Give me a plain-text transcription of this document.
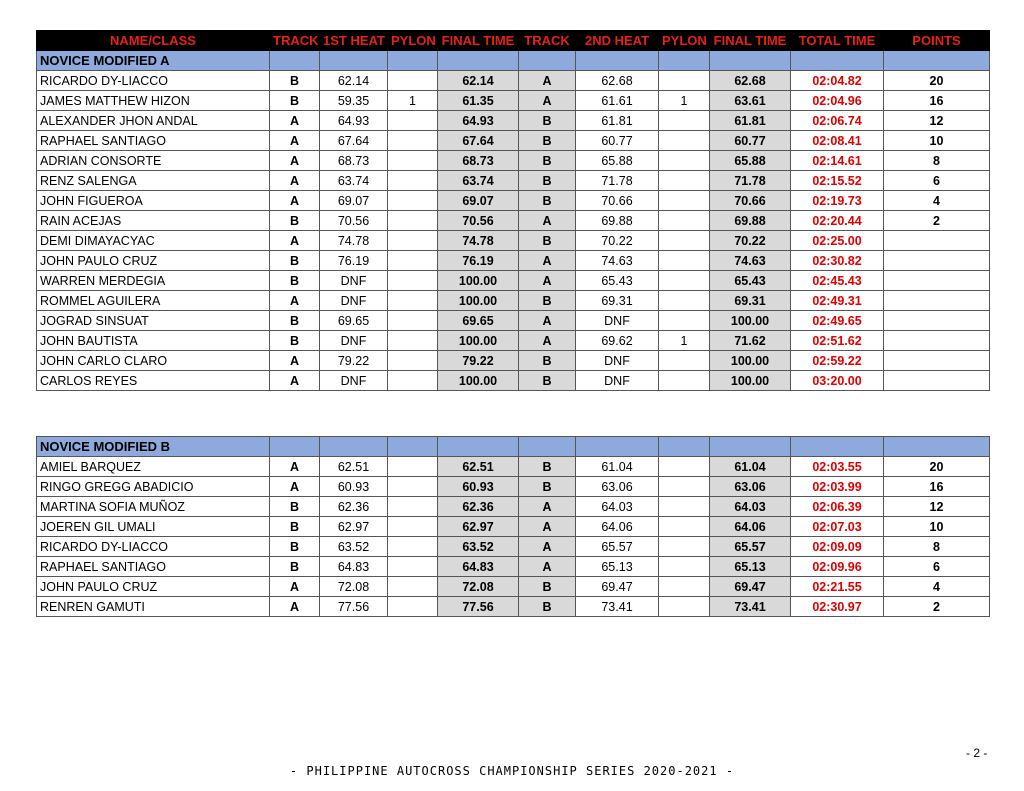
NAME/CLASS	TRACK	1ST HEAT	PYLON	FINAL TIME	TRACK	2ND HEAT	PYLON	FINAL TIME	TOTAL TIME	POINTS
NOVICE MODIFIED A										
RICARDO DY-LIACCO	B	62.14		62.14	A	62.68		62.68	02:04.82	20
JAMES MATTHEW HIZON	B	59.35	1	61.35	A	61.61	1	63.61	02:04.96	16
ALEXANDER JHON ANDAL	A	64.93		64.93	B	61.81		61.81	02:06.74	12
RAPHAEL SANTIAGO	A	67.64		67.64	B	60.77		60.77	02:08.41	10
ADRIAN CONSORTE	A	68.73		68.73	B	65.88		65.88	02:14.61	8
RENZ SALENGA	A	63.74		63.74	B	71.78		71.78	02:15.52	6
JOHN FIGUEROA	A	69.07		69.07	B	70.66		70.66	02:19.73	4
RAIN ACEJAS	B	70.56		70.56	A	69.88		69.88	02:20.44	2
DEMI DIMAYACYAC	A	74.78		74.78	B	70.22		70.22	02:25.00	
JOHN PAULO CRUZ	B	76.19		76.19	A	74.63		74.63	02:30.82	
WARREN MERDEGIA	B	DNF		100.00	A	65.43		65.43	02:45.43	
ROMMEL AGUILERA	A	DNF		100.00	B	69.31		69.31	02:49.31	
JOGRAD SINSUAT	B	69.65		69.65	A	DNF		100.00	02:49.65	
JOHN BAUTISTA	B	DNF		100.00	A	69.62	1	71.62	02:51.62	
JOHN CARLO CLARO	A	79.22		79.22	B	DNF		100.00	02:59.22	
CARLOS REYES	A	DNF		100.00	B	DNF		100.00	03:20.00	
NOVICE MODIFIED B										
AMIEL BARQUEZ	A	62.51		62.51	B	61.04		61.04	02:03.55	20
RINGO GREGG ABADICIO	A	60.93		60.93	B	63.06		63.06	02:03.99	16
MARTINA SOFIA MUÑOZ	B	62.36		62.36	A	64.03		64.03	02:06.39	12
JOEREN GIL UMALI	B	62.97		62.97	A	64.06		64.06	02:07.03	10
RICARDO DY-LIACCO	B	63.52		63.52	A	65.57		65.57	02:09.09	8
RAPHAEL SANTIAGO	B	64.83		64.83	A	65.13		65.13	02:09.96	6
JOHN PAULO CRUZ	A	72.08		72.08	B	69.47		69.47	02:21.55	4
RENREN GAMUTI	A	77.56		77.56	B	73.41		73.41	02:30.97	2
- 2 -
- PHILIPPINE AUTOCROSS CHAMPIONSHIP SERIES 2020-2021 -
